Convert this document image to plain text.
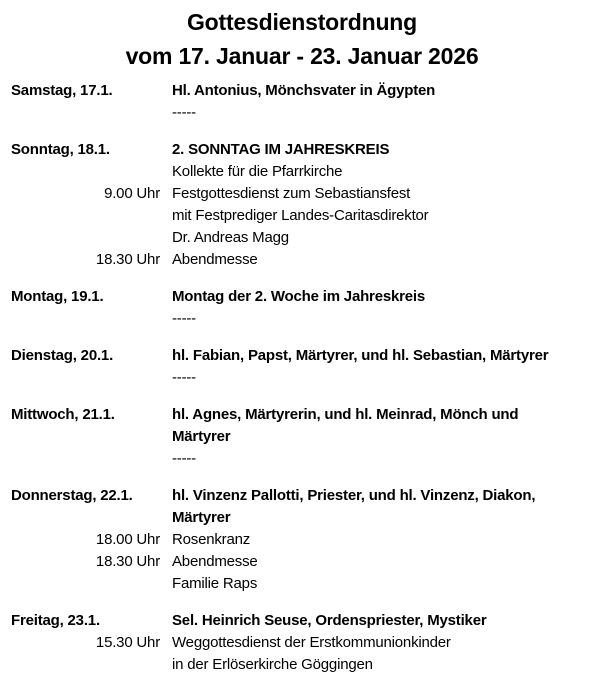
Gottesdienstordnung
vom 17. Januar - 23. Januar 2026
Samstag, 17.1.	Hl. Antonius, Mönchsvater in Ägypten
-----
Sonntag, 18.1.	2. SONNTAG IM JAHRESKREIS
Kollekte für die Pfarrkirche
9.00 Uhr Festgottesdienst zum Sebastiansfest
mit Festprediger Landes-Caritasdirektor
Dr. Andreas Magg
18.30 Uhr Abendmesse
Montag, 19.1.	Montag der 2. Woche im Jahreskreis
-----
Dienstag, 20.1.	hl. Fabian, Papst, Märtyrer, und hl. Sebastian, Märtyrer
-----
Mittwoch, 21.1.	hl. Agnes, Märtyrerin, und hl. Meinrad, Mönch und
Märtyrer
-----
Donnerstag, 22.1.	hl. Vinzenz Pallotti, Priester, und hl. Vinzenz, Diakon,
Märtyrer
18.00 Uhr Rosenkranz
18.30 Uhr Abendmesse
Familie Raps
Freitag, 23.1.	Sel. Heinrich Seuse, Ordenspriester, Mystiker
15.30 Uhr Weggottesdienst der Erstkommunionkinder
in der Erlöserkirche Göggingen
